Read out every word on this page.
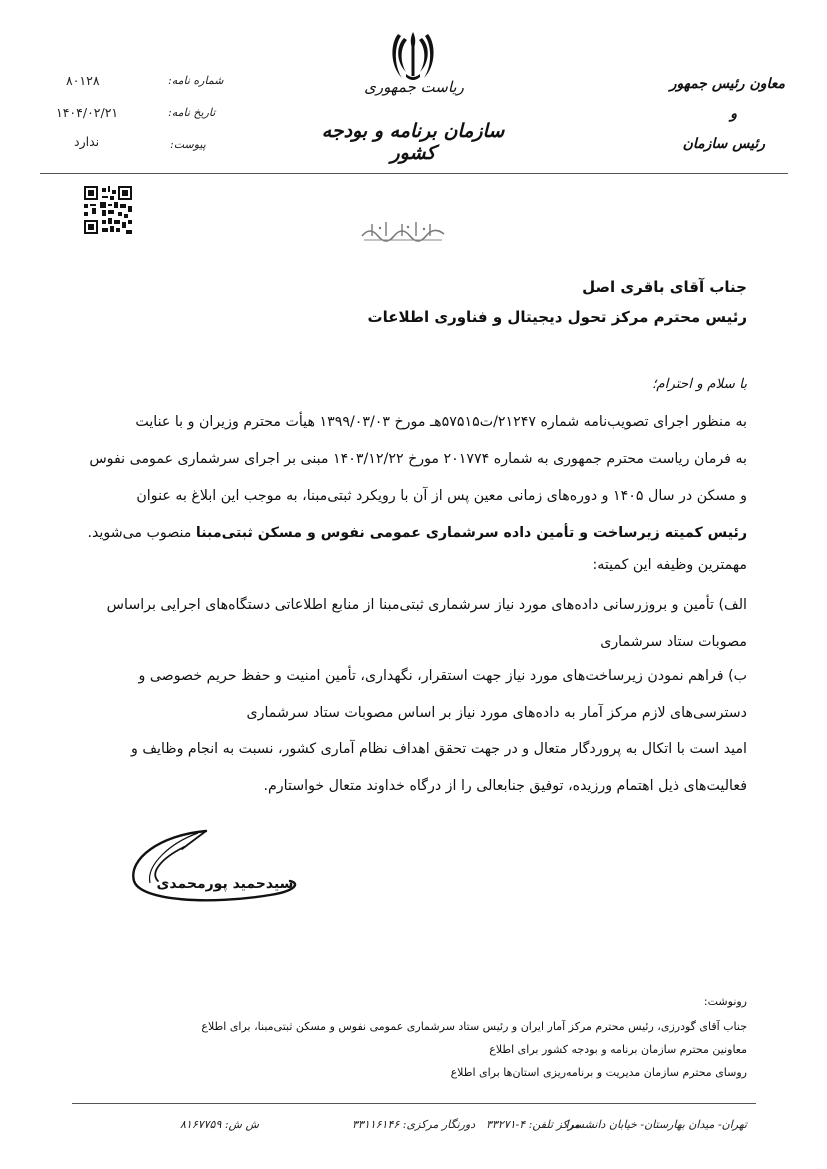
ریاست جمهوری
سازمان برنامه و بودجه کشور
معاون رئیس جمهور
و
رئیس سازمان
شماره نامه:
۸۰۱۲۸
تاریخ نامه:
۱۴۰۴/۰۲/۲۱
پیوست:
ندارد
جناب آقای باقری اصل
رئیس محترم مرکز تحول دیجیتال و فناوری اطلاعات
با سلام و احترام؛
به منظور اجرای تصویب‌نامه شماره ۲۱۲۴۷/ت۵۷۵۱۵هـ مورخ ۱۳۹۹/۰۳/۰۳ هیأت محترم وزیران و با عنایت
به فرمان ریاست محترم جمهوری به شماره ۲۰۱۷۷۴ مورخ ۱۴۰۳/۱۲/۲۲ مبنی بر اجرای سرشماری عمومی نفوس
و مسکن در سال ۱۴۰۵ و دوره‌های زمانی معین پس از آن با رویکرد ثبتی‌مبنا، به موجب این ابلاغ به عنوان
رئیس کمیته زیرساخت و تأمین داده سرشماری عمومی نفوس و مسکن ثبتی‌مبنا منصوب می‌شوید.
مهمترین وظیفه این کمیته:
الف) تأمین و بروزرسانی داده‌های مورد نیاز سرشماری ثبتی‌مبنا از منابع اطلاعاتی دستگاه‌های اجرایی براساس
مصوبات ستاد سرشماری
ب) فراهم نمودن زیرساخت‌های مورد نیاز جهت استقرار، نگهداری، تأمین امنیت و حفظ حریم خصوصی و
دسترسی‌های لازم مرکز آمار به داده‌های مورد نیاز بر اساس مصوبات ستاد سرشماری
امید است با اتکال به پروردگار متعال و در جهت تحقق اهداف نظام آماری کشور، نسبت به انجام وظایف و
فعالیت‌های ذیل اهتمام ورزیده، توفیق جنابعالی را از درگاه خداوند متعال خواستارم.
سیدحمید پورمحمدی
رونوشت:
جناب آقای گودرزی، رئیس محترم مرکز آمار ایران و رئیس ستاد سرشماری عمومی نفوس و مسکن ثبتی‌مبنا، برای اطلاع
معاونین محترم سازمان برنامه و بودجه کشور برای اطلاع
روسای محترم سازمان مدیریت و برنامه‌ریزی استان‌ها برای اطلاع
تهران- میدان بهارستان- خیابان دانشسرا
مرکز تلفن: ۴-۳۳۲۷۱
دورنگار مرکزی: ۳۳۱۱۶۱۴۶
ش ش: ۸۱۶۷۷۵۹
